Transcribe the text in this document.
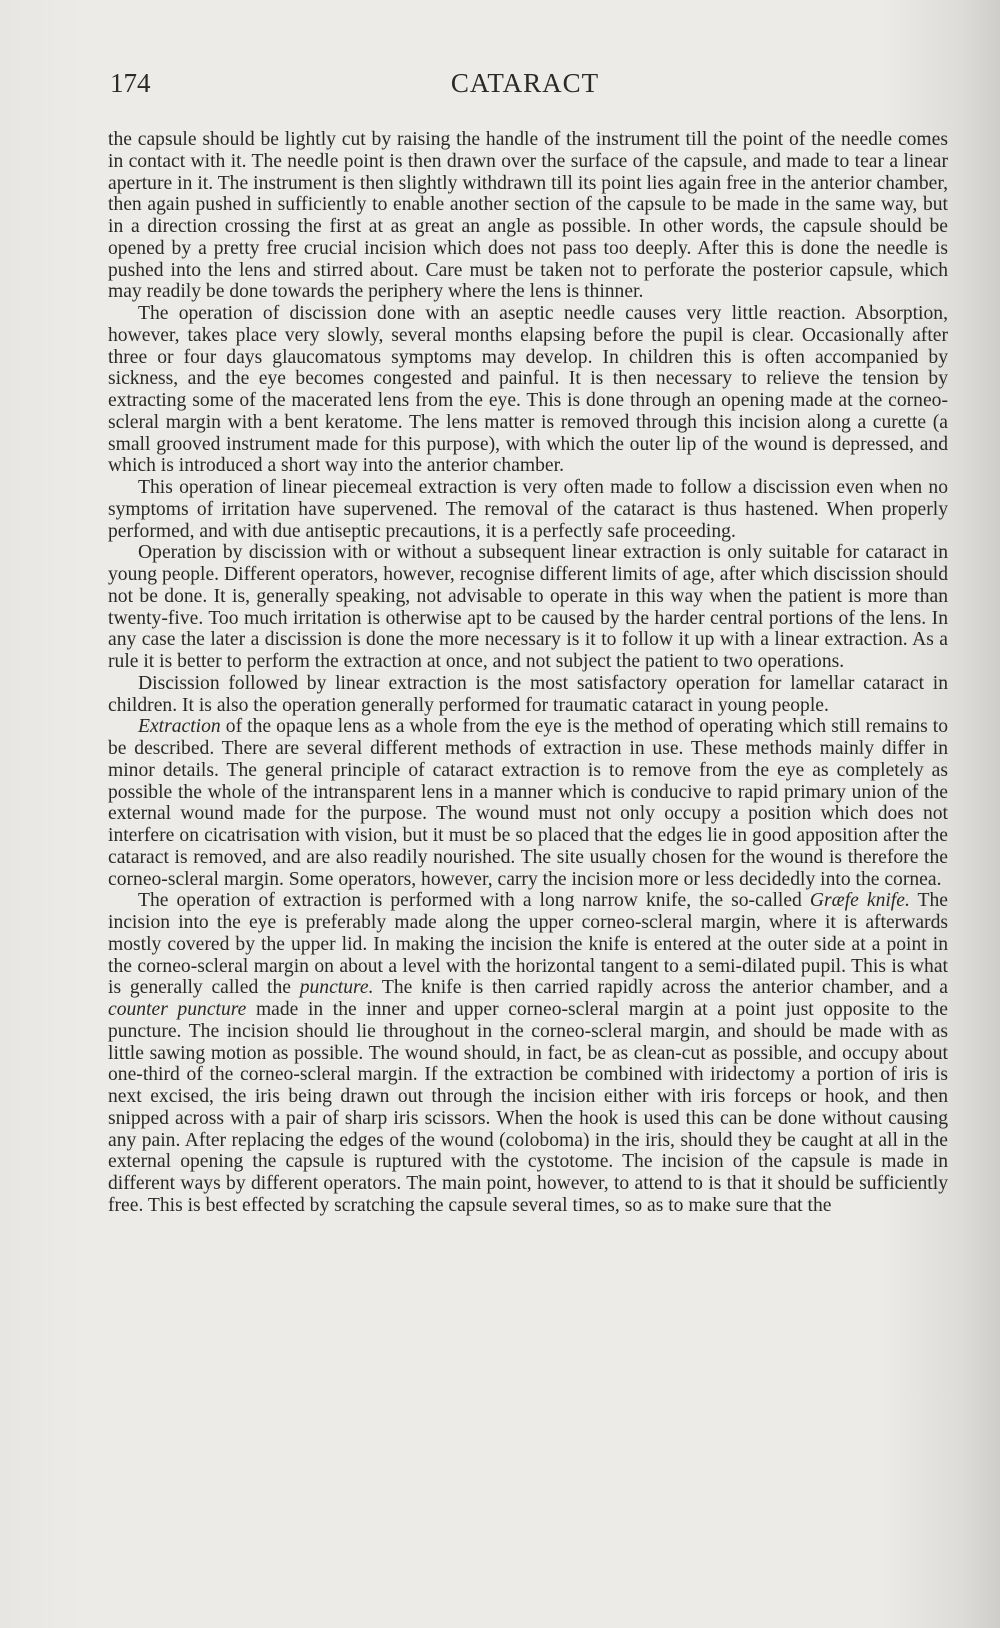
174	CATARACT

the capsule should be lightly cut by raising the handle of the instrument till the point of the needle comes in contact with it. The needle point is then drawn over the surface of the capsule, and made to tear a linear aperture in it. The instrument is then slightly withdrawn till its point lies again free in the anterior chamber, then again pushed in sufficiently to enable another section of the capsule to be made in the same way, but in a direction crossing the first at as great an angle as possible. In other words, the capsule should be opened by a pretty free crucial incision which does not pass too deeply. After this is done the needle is pushed into the lens and stirred about. Care must be taken not to perforate the posterior capsule, which may readily be done towards the periphery where the lens is thinner.

The operation of discission done with an aseptic needle causes very little reaction. Absorption, however, takes place very slowly, several months elapsing before the pupil is clear. Occasionally after three or four days glaucomatous symptoms may develop. In children this is often accompanied by sickness, and the eye becomes congested and painful. It is then necessary to relieve the tension by extracting some of the macerated lens from the eye. This is done through an opening made at the corneo-scleral margin with a bent keratome. The lens matter is removed through this incision along a curette (a small grooved instrument made for this purpose), with which the outer lip of the wound is depressed, and which is introduced a short way into the anterior chamber.

This operation of linear piecemeal extraction is very often made to follow a discission even when no symptoms of irritation have supervened. The removal of the cataract is thus hastened. When properly performed, and with due antiseptic precautions, it is a perfectly safe proceeding.

Operation by discission with or without a subsequent linear extraction is only suitable for cataract in young people. Different operators, however, recognise different limits of age, after which discission should not be done. It is, generally speaking, not advisable to operate in this way when the patient is more than twenty-five. Too much irritation is otherwise apt to be caused by the harder central portions of the lens. In any case the later a discission is done the more necessary is it to follow it up with a linear extraction. As a rule it is better to perform the extraction at once, and not subject the patient to two operations.

Discission followed by linear extraction is the most satisfactory operation for lamellar cataract in children. It is also the operation generally performed for traumatic cataract in young people.

Extraction of the opaque lens as a whole from the eye is the method of operating which still remains to be described. There are several different methods of extraction in use. These methods mainly differ in minor details. The general principle of cataract extraction is to remove from the eye as completely as possible the whole of the intransparent lens in a manner which is conducive to rapid primary union of the external wound made for the purpose. The wound must not only occupy a position which does not interfere on cicatrisation with vision, but it must be so placed that the edges lie in good apposition after the cataract is removed, and are also readily nourished. The site usually chosen for the wound is therefore the corneo-scleral margin. Some operators, however, carry the incision more or less decidedly into the cornea.

The operation of extraction is performed with a long narrow knife, the so-called Græfe knife. The incision into the eye is preferably made along the upper corneo-scleral margin, where it is afterwards mostly covered by the upper lid. In making the incision the knife is entered at the outer side at a point in the corneo-scleral margin on about a level with the horizontal tangent to a semi-dilated pupil. This is what is generally called the puncture. The knife is then carried rapidly across the anterior chamber, and a counter puncture made in the inner and upper corneo-scleral margin at a point just opposite to the puncture. The incision should lie throughout in the corneo-scleral margin, and should be made with as little sawing motion as possible. The wound should, in fact, be as clean-cut as possible, and occupy about one-third of the corneo-scleral margin. If the extraction be combined with iridectomy a portion of iris is next excised, the iris being drawn out through the incision either with iris forceps or hook, and then snipped across with a pair of sharp iris scissors. When the hook is used this can be done without causing any pain. After replacing the edges of the wound (coloboma) in the iris, should they be caught at all in the external opening the capsule is ruptured with the cystotome. The incision of the capsule is made in different ways by different operators. The main point, however, to attend to is that it should be sufficiently free. This is best effected by scratching the capsule several times, so as to make sure that the
